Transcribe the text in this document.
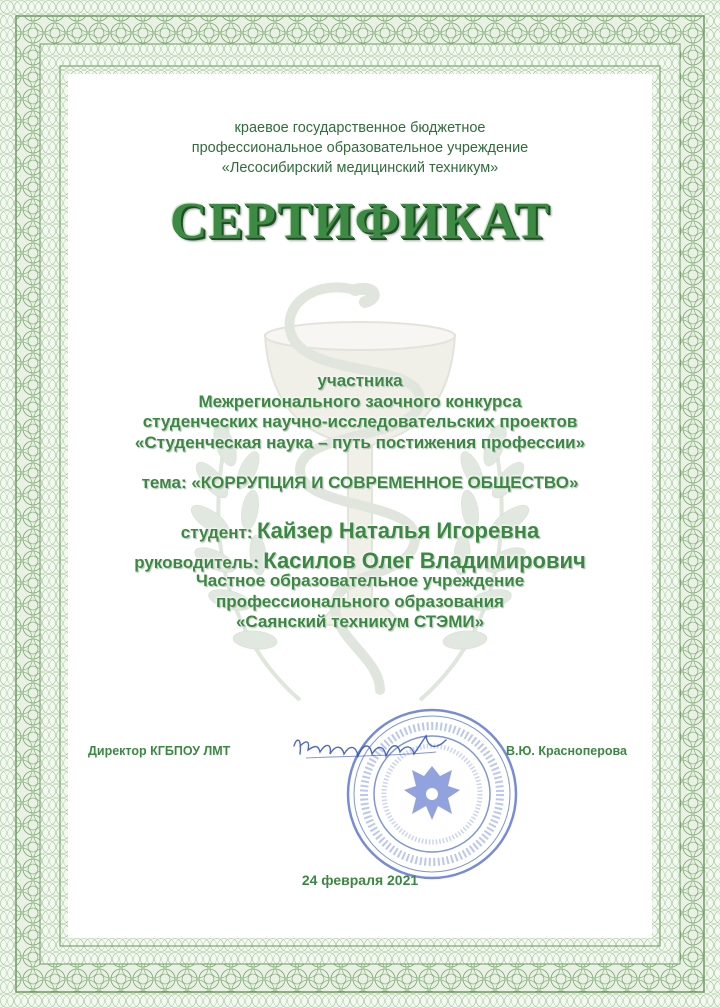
краевое государственное бюджетное
профессиональное образовательное учреждение
«Лесосибирский медицинский техникум»
СЕРТИФИКАТ
участника
Межрегионального заочного конкурса
студенческих научно-исследовательских проектов
«Студенческая наука – путь постижения профессии»
тема: «КОРРУПЦИЯ И СОВРЕМЕННОЕ ОБЩЕСТВО»
студент: Кайзер Наталья Игоревна
руководитель: Касилов Олег Владимирович
Частное образовательное учреждение
профессионального образования
«Саянский техникум СТЭМИ»
Директор КГБПОУ ЛМТ	В.Ю. Красноперова
24 февраля 2021
